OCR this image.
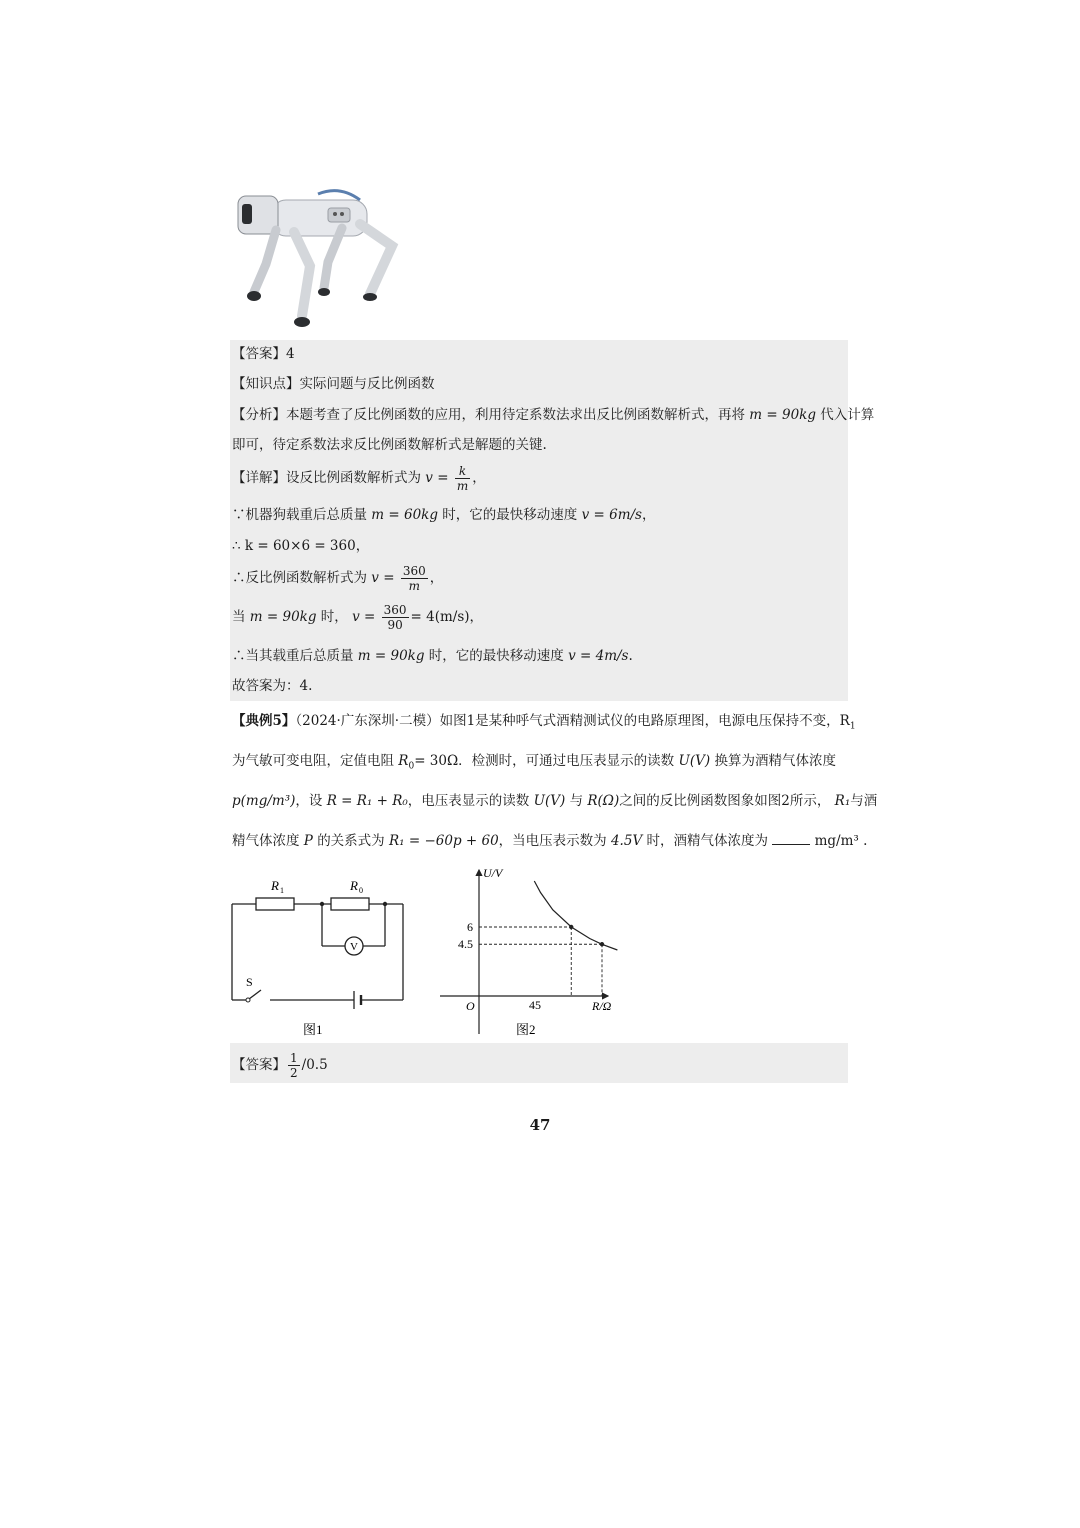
【答案】4
【知识点】实际问题与反比例函数
【分析】本题考查了反比例函数的应用，利用待定系数法求出反比例函数解析式，再将 m = 90kg 代入计算
即可，待定系数法求反比例函数解析式是解题的关键.
【详解】设反比例函数解析式为 $v = \frac{k}{m}$ ，
∵机器狗载重后总质量 m = 60kg 时，它的最快移动速度 v = 6m/s，
∴ k = 60×6 = 360，
∴反比例函数解析式为 $v = \frac{360}{m}$ ，
当 m = 90kg 时， $v = \frac{360}{90} = 4(m/s)$，
∴当其载重后总质量 m = 90kg 时，它的最快移动速度 v = 4m/s.
故答案为：4.
【典例5】（2024·广东深圳·二模）如图1是某种呼气式酒精测试仪的电路原理图，电源电压保持不变，$R_1$
为气敏可变电阻，定值电阻 $R_0= 30\Omega$．检测时，可通过电压表显示的读数 U(V) 换算为酒精气体浓度
p(mg/m³)，设 R = R₁ + R₀，电压表显示的读数 U(V) 与 R(Ω)之间的反比例函数图象如图2所示， R₁与酒
精气体浓度 P 的关系式为 R₁ = −60p + 60，当电压表示数为 4.5V 时，酒精气体浓度为	mg/m³ .
R 1	R 0
V
S
图1
U/V
R/Ω
O
6
4.5
45
图2
【答案】 $\frac{1}{2} /0.5$
47
